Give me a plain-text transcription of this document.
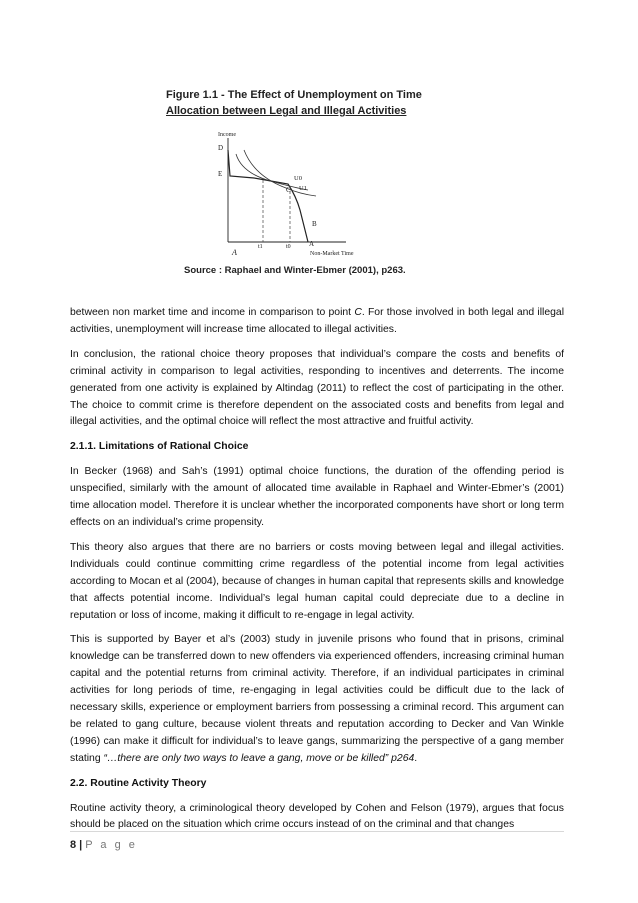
Figure 1.1 - The Effect of Unemployment on Time
Allocation between Legal and Illegal Activities
Income
Non-Market Time
D
E
C
B
A
A
U0
U1
t1	t0
Source : Raphael and Winter-Ebmer (2001), p263.

between non market time and income in comparison to point C. For those involved in both legal and illegal activities, unemployment will increase time allocated to illegal activities.

In conclusion, the rational choice theory proposes that individual’s compare the costs and benefits of criminal activity in comparison to legal activities, responding to incentives and deterrents. The income generated from one activity is explained by Altindag (2011) to reflect the cost of participating in the other. The choice to commit crime is therefore dependent on the associated costs and benefits from legal and illegal activities, and the optimal choice will reflect the most attractive and fruitful activity.

2.1.1. Limitations of Rational Choice

In Becker (1968) and Sah’s (1991) optimal choice functions, the duration of the offending period is unspecified, similarly with the amount of allocated time available in Raphael and Winter-Ebmer’s (2001) time allocation model. Therefore it is unclear whether the incorporated components have short or long term effects on an individual’s crime propensity.

This theory also argues that there are no barriers or costs moving between legal and illegal activities. Individuals could continue committing crime regardless of the potential income from legal activities according to Mocan et al (2004), because of changes in human capital that represents skills and knowledge that affects potential income. Individual’s legal human capital could depreciate due to a decline in reputation or loss of income, making it difficult to re-engage in legal activity.

This is supported by Bayer et al’s (2003) study in juvenile prisons who found that in prisons, criminal knowledge can be transferred down to new offenders via experienced offenders, increasing criminal human capital and the potential returns from criminal activity. Therefore, if an individual participates in criminal activities for long periods of time, re-engaging in legal activities could be difficult due to the lack of necessary skills, experience or employment barriers from possessing a criminal record. This argument can be related to gang culture, because violent threats and reputation according to Decker and Van Winkle (1996) can make it difficult for individual’s to leave gangs, summarizing the perspective of a gang member stating “…there are only two ways to leave a gang, move or be killed” p264.

2.2. Routine Activity Theory

Routine activity theory, a criminological theory developed by Cohen and Felson (1979), argues that focus should be placed on the situation which crime occurs instead of on the criminal and that changes

8 | P a g e
